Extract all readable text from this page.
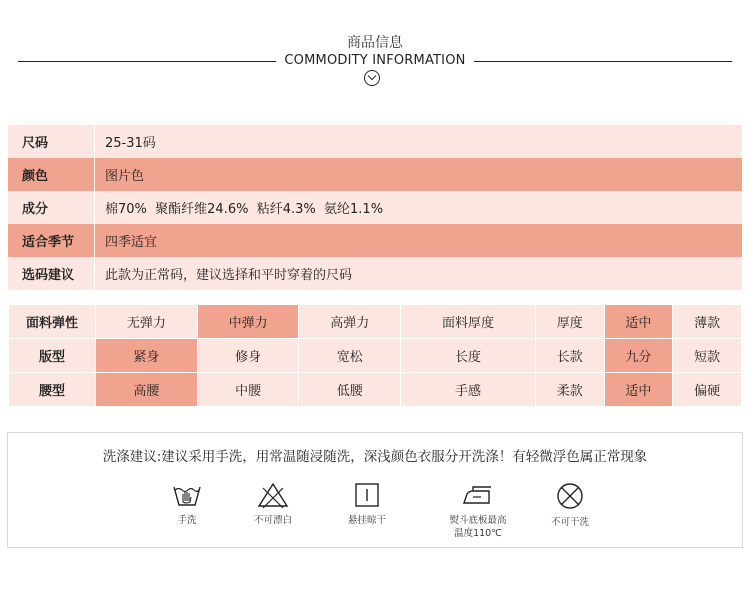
商品信息
COMMODITY INFORMATION
尺码	25-31码
颜色	图片色
成分	棉70%  聚酯纤维24.6%  粘纤4.3%  氨纶1.1%
适合季节	四季适宜
选码建议	此款为正常码，建议选择和平时穿着的尺码
面料弹性	无弹力	中弹力	高弹力	面料厚度	厚度	适中	薄款
版型	紧身	修身	宽松	长度	长款	九分	短款
腰型	高腰	中腰	低腰	手感	柔款	适中	偏硬
洗涤建议:建议采用手洗，用常温随浸随洗，深浅颜色衣服分开洗涤！有轻微浮色属正常现象
手洗	不可漂白	悬挂晾干	熨斗底板最高
温度110℃
不可干洗
